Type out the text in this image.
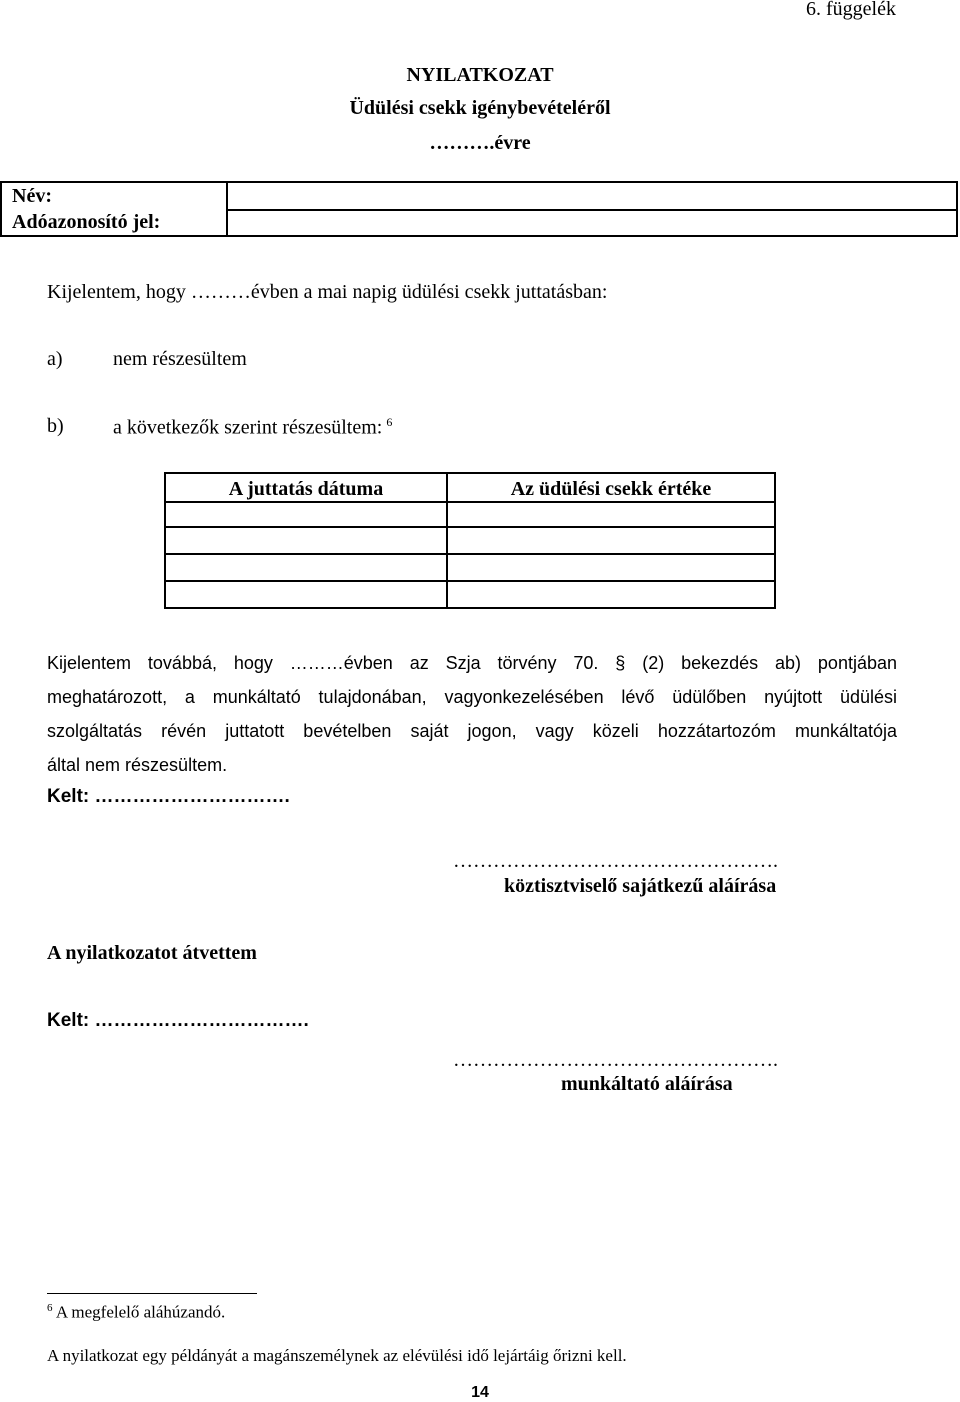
6. függelék
NYILATKOZAT
Üdülési csekk igénybevételéről
……….évre
Név:
Adóazonosító jel:
Kijelentem, hogy ………évben a mai napig üdülési csekk juttatásban:
a)	nem részesültem
b) a következők szerint részesültem: $^6$
A juttatás dátuma	Az üdülési csekk értéke
Kijelentem továbbá, hogy ………évben az Szja törvény 70. § (2) bekezdés ab) pontjában
meghatározott, a munkáltató tulajdonában, vagyonkezelésében lévő üdülőben nyújtott üdülési
szolgáltatás révén juttatott bevételben saját jogon, vagy közeli hozzátartozóm munkáltatója
által nem részesültem.
Kelt: ………………………….
………………………………………….
köztisztviselő sajátkezű aláírása
A nyilatkozatot átvettem
Kelt: …………………………….
………………………………………….
munkáltató aláírása
$^6$ A megfelelő aláhúzandó.
A nyilatkozat egy példányát a magánszemélynek az elévülési idő lejártáig őrizni kell.
14
